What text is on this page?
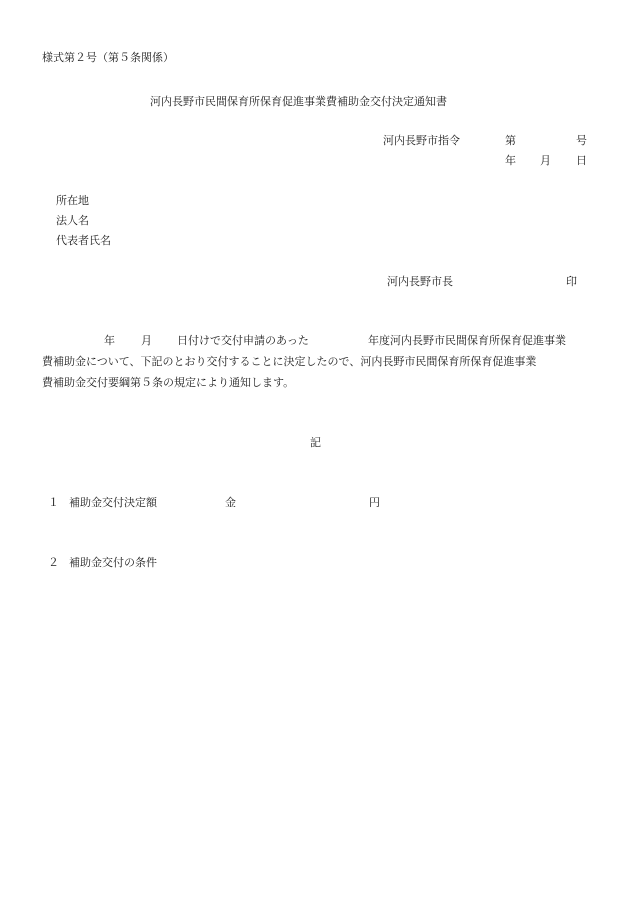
様式第２号（第５条関係）
河内長野市民間保育所保育促進事業費補助金交付決定通知書
河内長野市指令	第	号
年 月 日
所在地
法人名
代表者氏名
河内長野市長	印
年 月 日付けで交付申請のあった	年度河内長野市民間保育所保育促進事業
費補助金について、下記のとおり交付することに決定したので、河内長野市民間保育所保育促進事業
費補助金交付要綱第５条の規定により通知します。
記
１ 補助金交付決定額	金	円
２ 補助金交付の条件
